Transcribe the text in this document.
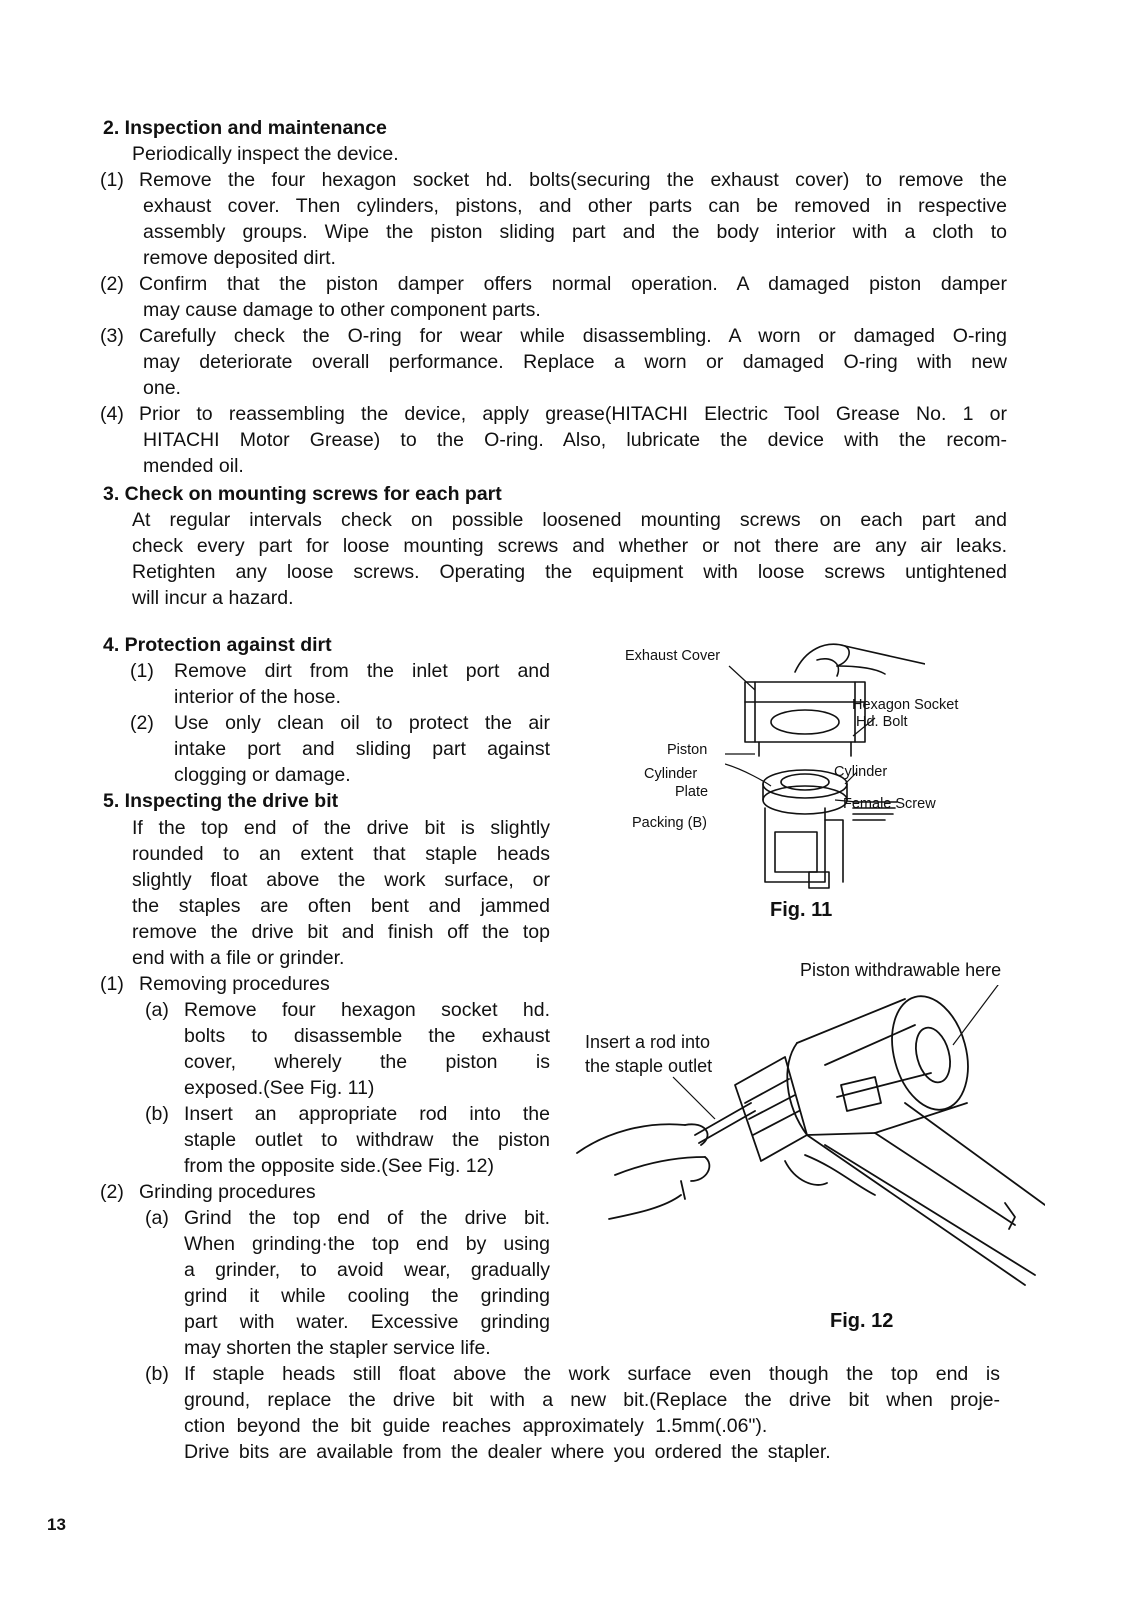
2. Inspection and maintenance
Periodically inspect the device.
(1) Remove the four hexagon socket hd. bolts(securing the exhaust cover) to remove the
exhaust cover. Then cylinders, pistons, and other parts can be removed in respective
assembly groups. Wipe the piston sliding part and the body interior with a cloth to
remove deposited dirt.
(2) Confirm that the piston damper offers normal operation. A damaged piston damper
may cause damage to other component parts.
(3) Carefully check the O-ring for wear while disassembling. A worn or damaged O-ring
may deteriorate overall performance. Replace a worn or damaged O-ring with new
one.
(4) Prior to reassembling the device, apply grease(HITACHI Electric Tool Grease No. 1 or
HITACHI Motor Grease) to the O-ring. Also, lubricate the device with the recom-
mended oil.
3. Check on mounting screws for each part
At regular intervals check on possible loosened mounting screws on each part and
check every part for loose mounting screws and whether or not there are any air leaks.
Retighten any loose screws. Operating the equipment with loose screws untightened
will incur a hazard.
4. Protection against dirt
(1) Remove dirt from the inlet port and
interior of the hose.
(2) Use only clean oil to protect the air
intake port and sliding part against
clogging or damage.
5. Inspecting the drive bit
If the top end of the drive bit is slightly
rounded to an extent that staple heads
slightly float above the work surface, or
the staples are often bent and jammed
remove the drive bit and finish off the top
end with a file or grinder.
(1) Removing procedures
(a) Remove four hexagon socket hd.
bolts to disassemble the exhaust
cover, wherely the piston is
exposed.(See Fig. 11)
(b) Insert an appropriate rod into the
staple outlet to withdraw the piston
from the opposite side.(See Fig. 12)
(2) Grinding procedures
(a) Grind the top end of the drive bit.
When grinding·the top end by using
a grinder, to avoid wear, gradually
grind it while cooling the grinding
part with water. Excessive grinding
may shorten the stapler service life.
(b) If staple heads still float above the work surface even though the top end is
ground, replace the drive bit with a new bit.(Replace the drive bit when proje-
ction beyond the bit guide reaches approximately 1.5mm(.06").
Drive bits are available from the dealer where you ordered the stapler.
13
Exhaust Cover
Hexagon Socket
Hd. Bolt
Piston
Cylinder
Plate
Cylinder
Female Screw
Packing (B)
Fig. 11
Piston withdrawable here
Insert a rod into
the staple outlet
Fig. 12
